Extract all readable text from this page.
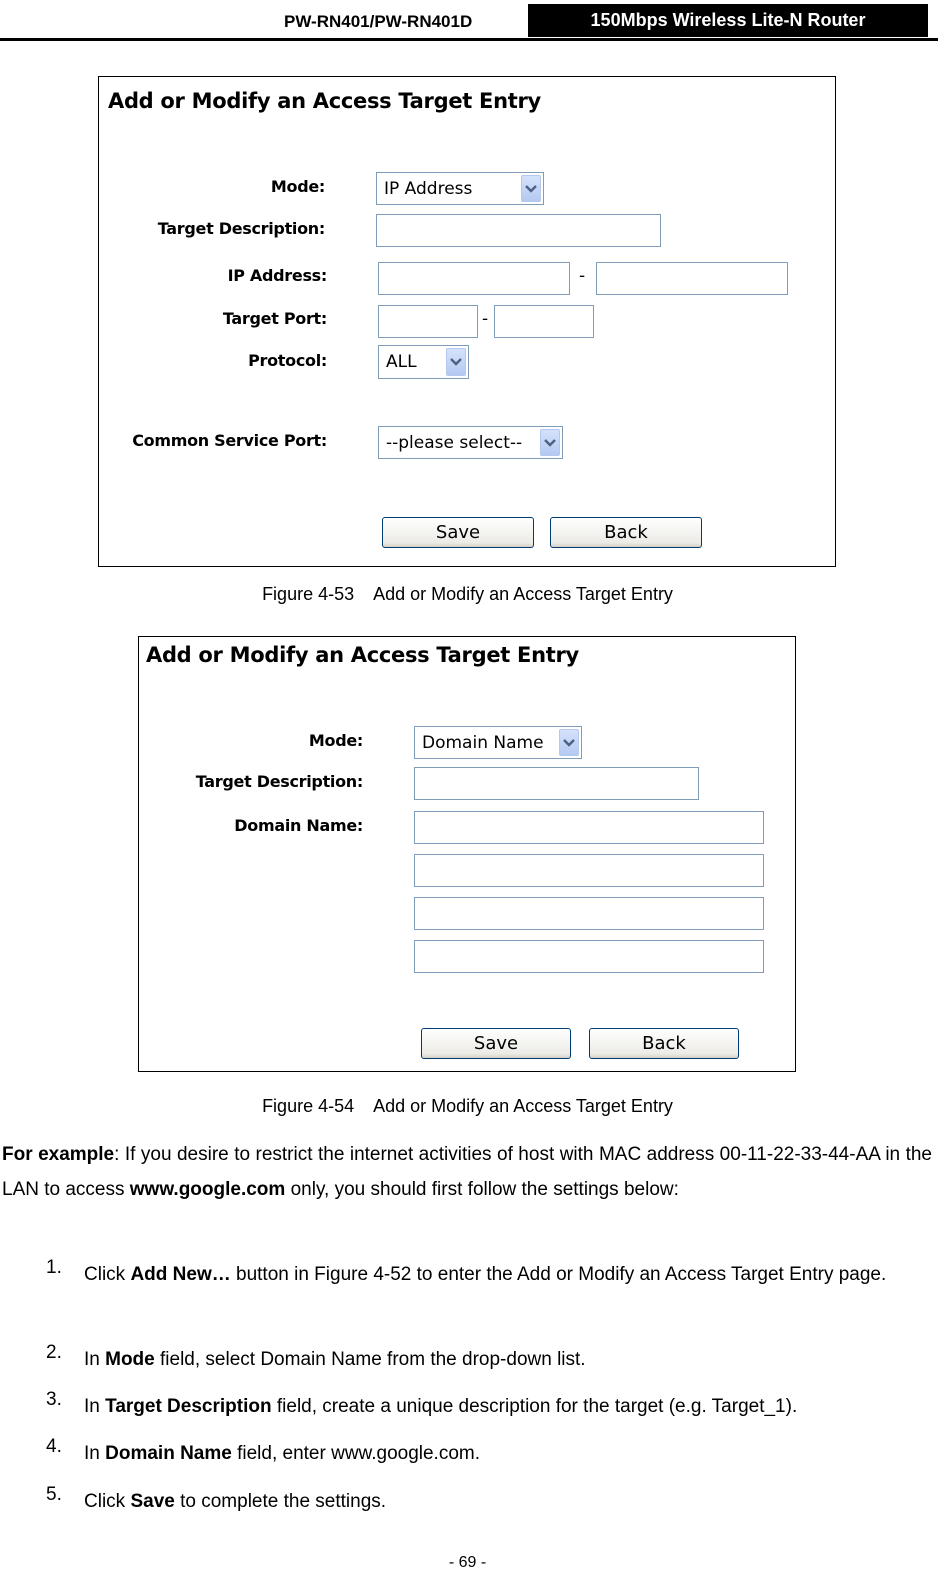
PW-RN401/PW-RN401D	150Mbps Wireless Lite-N Router
Add or Modify an Access Target Entry
Mode:	IP Address
Target Description:
IP Address:	-
Target Port:	-
Protocol:	ALL
Common Service Port:	--please select--
Save	Back
Figure 4-53    Add or Modify an Access Target Entry
Add or Modify an Access Target Entry
Mode:	Domain Name
Target Description:
Domain Name:
Save	Back
Figure 4-54    Add or Modify an Access Target Entry
For example: If you desire to restrict the internet activities of host with MAC address 00-11-22-33-44-AA in the LAN to access www.google.com only, you should first follow the settings below:
1. Click Add New… button in Figure 4-52 to enter the Add or Modify an Access Target Entry page.
2. In Mode field, select Domain Name from the drop-down list.
3. In Target Description field, create a unique description for the target (e.g. Target_1).
4. In Domain Name field, enter www.google.com.
5. Click Save to complete the settings.
- 69 -
